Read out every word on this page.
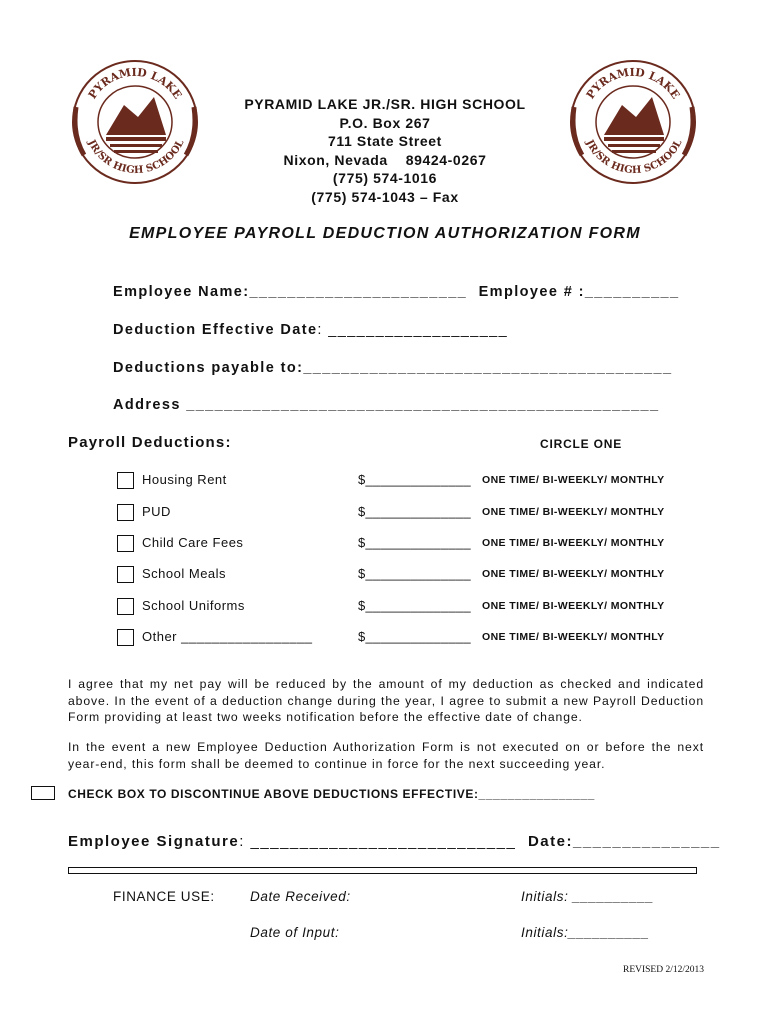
PYRAMID LAKE
JR/SR HIGH SCHOOL
PYRAMID LAKE
JR/SR HIGH SCHOOL
PYRAMID LAKE JR./SR. HIGH SCHOOL
P.O. Box 267
711 State Street
Nixon, Nevada    89424-0267
(775) 574-1016
(775) 574-1043 – Fax
EMPLOYEE PAYROLL DEDUCTION AUTHORIZATION FORM
Employee Name:_______________________ Employee # :__________
Deduction Effective Date: ___________________
Deductions payable to:_______________________________________
Address __________________________________________________
Payroll Deductions:	CIRCLE ONE
Housing Rent	$______________ ONE TIME/ BI-WEEKLY/ MONTHLY
PUD	$______________ ONE TIME/ BI-WEEKLY/ MONTHLY
Child Care Fees	$______________ ONE TIME/ BI-WEEKLY/ MONTHLY
School Meals	$______________ ONE TIME/ BI-WEEKLY/ MONTHLY
School Uniforms	$______________ ONE TIME/ BI-WEEKLY/ MONTHLY
Other _________________	$______________ ONE TIME/ BI-WEEKLY/ MONTHLY
I agree that my net pay will be reduced by the amount of my deduction as checked and indicated above. In the event of a deduction change during the year, I agree to submit a new Payroll Deduction Form providing at least two weeks notification before the effective date of change.
In the event a new Employee Deduction Authorization Form is not executed on or before the next year-end, this form shall be deemed to continue in force for the next succeeding year.
CHECK BOX TO DISCONTINUE ABOVE DEDUCTIONS EFFECTIVE:________________
Employee Signature: ___________________________ Date:_______________
FINANCE USE:	Date Received:	Initials: __________
Date of Input:	Initials:__________
REVISED 2/12/2013
